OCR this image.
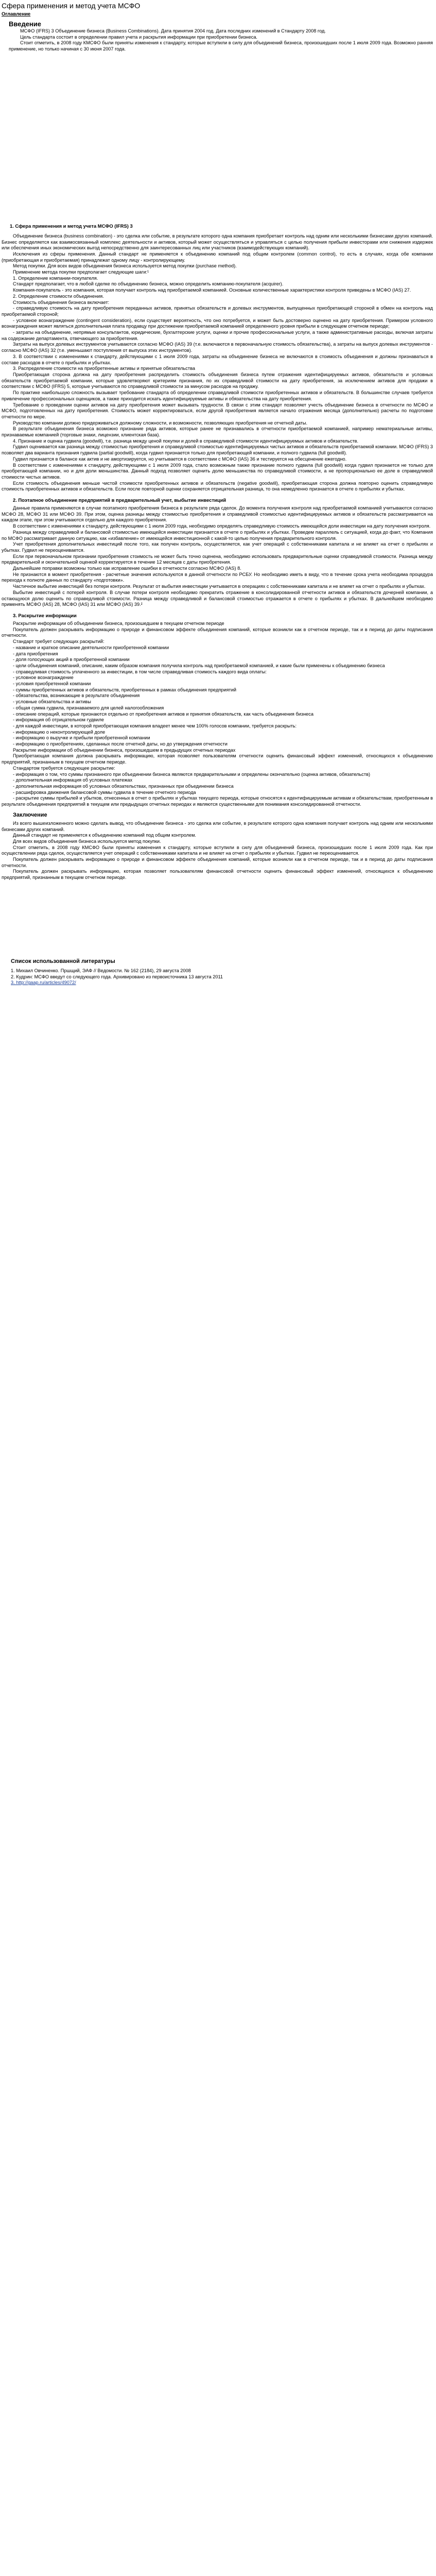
Сфера применения и метод учета МСФО
Оглавление
Введение

МСФО (IFRS) 3 Объединение бизнеса (Business Combinations). Дата принятия 2004 год. Дата последних изменений в Стандарту 2008 год.

Цель стандарта состоит в определении правил учета и раскрытия информации при приобретении бизнеса.

Стоит отметить, в 2008 году КМСФО были приняты изменения к стандарту, которые вступили в силу для объединений бизнеса, произошедших после 1 июля 2009 года. Возможно ранняя применение, но только начиная с 30 июня 2007 года.

1. Сфера применения и метод учета МСФО (IFRS) 3

Объединение бизнеса (business combination) - это сделка или событие, в результате которого одна компания приобретает контроль над одним или несколькими бизнесами других компаний. Бизнес определяется как взаимосвязанный комплекс деятельности и активов, который может осуществляться и управляться с целью получения прибыли инвесторами или снижения издержек или обеспечения иных экономических выгод непосредственно для заинтересованных лиц или участников (взаимодействующих компаний).

Исключения из сферы применения. Данный стандарт не применяется к объединению компаний под общим контролем (common control), то есть в случаях, когда обе компании (приобретающая и приобретаемая) принадлежат одному лицу - контролирующему.

Метод покупки. Для всех видов объединения бизнеса используется метод покупки (purchase method).

Применение метода покупки предполагает следующие шаги:¹

1. Определение компании-покупателя.

Стандарт предполагает, что в любой сделке по объединению бизнеса, можно определить компанию-покупателя (acquirer).

Компания-покупатель - это компания, которая получает контроль над приобретаемой компанией. Основные количественные характеристики контроля приведены в МСФО (IAS) 27.

2. Определение стоимости объединения.

Стоимость объединения бизнеса включает:

- справедливую стоимость на дату приобретения переданных активов, принятых обязательств и долевых инструментов, выпущенных приобретающей стороной в обмен на контроль над приобретаемой стороной;

- условное вознаграждение (contingent consideration), если существует вероятность, что оно потребуется, и может быть достоверно оценено на дату приобретения. Примером условного вознаграждения может являться дополнительная плата продавцу при достижении приобретаемой компанией определенного уровня прибыли в следующем отчетном периоде;

- затраты на объединение, непрямые консультантов, юридические, бухгалтерские услуги, оценки и прочие профессиональные услуги, а также административные расходы, включая затраты на содержание департамента, отвечающего за приобретения.

Затраты на выпуск долевых инструментов учитываются согласно МСФО (IAS) 39 (т.е. включаются в первоначальную стоимость обязательства), а затраты на выпуск долевых инструментов - согласно МСФО (IAS) 32 (т.е. уменьшают поступления от выпуска этих инструментов).

3. В соответствии с изменениями к стандарту, действующими с 1 июля 2009 года, затраты на объединение бизнеса не включаются в стоимость объединения и должны признаваться в составе расходов в отчете о прибылях и убытках.

3. Распределение стоимости на приобретенные активы и принятые обязательства

Приобретающая сторона должна на дату приобретения распределить стоимость объединения бизнеса путем отражения идентифицируемых активов, обязательств и условных обязательств приобретаемой компании, которые удовлетворяют критериям признания, по их справедливой стоимости на дату приобретения, за исключением активов для продажи в соответствии с МСФО (IFRS) 5, которые учитываются по справедливой стоимости за минусом расходов на продажу.

По практике наибольшую сложность вызывает требование стандарта об определении справедливой стоимости приобретенных активов и обязательств. В большинстве случаев требуется привлечение профессиональных оценщиков, а также приходится искать идентифицируемые активы и обязательства на дату приобретения.

Требование о проведении оценки активов на дату приобретения может вызывать трудности. В связи с этим стандарт позволяет учесть объединение бизнеса в отчетности по МСФО и МСФО, подготовленных на дату приобретения. Стоимость может корректироваться, если другой приобретения является начало отражения месяца (дополнительно) расчеты по подготовке отчетности по мере.

Руководство компании должно придерживаться должному сложности, и возможности, позволяющих приобретения не отчетной даты.

В результате объединения бизнеса возможно признание ряда активов, которые ранее не признавались в отчетности приобретаемой компанией, например нематериальные активы, признаваемые компанией (торговые знаки, лицензии, клиентская база).

4. Признание и оценка гудвила (goodwill), т.е. разница между ценой покупки и долей в справедливой стоимости идентифицируемых активов и обязательств.

Гудвил оценивается как разница между стоимостью приобретения и справедливой стоимостью идентифицируемых чистых активов и обязательств приобретаемой компании. МСФО (IFRS) 3 позволяет два варианта признания гудвила (partial goodwill), когда гудвил признается только для приобретающей компании, и полного гудвила (full goodwill).

Гудвил признается в балансе как актив и не амортизируется, но учитывается в соответствии с МСФО (IAS) 36 и тестируется на обесценение ежегодно.

В соответствии с изменениями к стандарту, действующими с 1 июля 2009 года, стало возможным также признание полного гудвила (full goodwill) когда гудвил признается не только для приобретающей компании, но и для доли меньшинства. Данный подход позволяет оценить долю меньшинства по справедливой стоимости, а не пропорционально ее доле в справедливой стоимости чистых активов.

Если стоимость объединения меньше чистой стоимости приобретенных активов и обязательств (negative goodwill), приобретающая сторона должна повторно оценить справедливую стоимость приобретенных активов и обязательств. Если после повторной оценки сохраняется отрицательная разница, то она немедленно признается в отчете о прибылях и убытках.

2. Поэтапное объединение предприятий в предварительный учет, выбытие инвестиций

Данные правила применяются в случае поэтапного приобретения бизнеса в результате ряда сделок. До момента получения контроля над приобретаемой компанией учитываются согласно МСФО 28, МСФО 31 или МСФО 39. При этом, оценка разницы между стоимостью приобретения и справедливой стоимостью идентифицируемых активов и обязательств рассматривается на каждом этапе, при этом учитываются отдельно для каждого приобретения.

В соответствии с изменениями к стандарту, действующими с 1 июля 2009 года, необходимо определять справедливую стоимость имеющейся доли инвестиции на дату получения контроля.

Разница между справедливой и балансовой стоимостью имеющейся инвестиции признается в отчете о прибылях и убытках. Проведем параллель с ситуацией, когда до факт, что Компания по МСФО рассматривает данную ситуацию, как «избавление» от имеющейся инвестиционной с какой-то целью получения предварительного контроля.

Учет приобретения дополнительных инвестиций после того, как получен контроль, осуществляется, как учет операций с собственниками капитала и не влияет на отчет о прибылях и убытках. Гудвил не переоценивается.

Если при первоначальном признании приобретения стоимость не может быть точно оценена, необходимо использовать предварительные оценки справедливой стоимости. Разница между предварительной и окончательной оценкой корректируется в течение 12 месяцев с даты приобретения.

Дальнейшие поправки возможны только как исправление ошибки в отчетности согласно МСФО (IAS) 8.

Не признаются в момент приобретения - расчетные значения используются в данной отчетности по РСБУ. Но необходимо иметь в виду, что в течение срока учета необходима процедура перехода к полноте данных по стандарту «подготовки».

Частичное выбытие инвестиций без потери контроля. Результат от выбытия инвестиции учитывается в операциях с собственниками капитала и не влияет на отчет о прибылях и убытках.

Выбытие инвестиций с потерей контроля. В случае потери контроля необходимо прекратить отражение в консолидированной отчетности активов и обязательств дочерней компании, а остающуюся долю оценить по справедливой стоимости. Разница между справедливой и балансовой стоимостью отражается в отчете о прибылях и убытках. В дальнейшем необходимо применять МСФО (IAS) 28, МСФО (IAS) 31 или МСФО (IAS) 39.²

3. Раскрытие информации

Раскрытие информации об объединении бизнеса, произошедшем в текущем отчетном периоде

Покупатель должен раскрывать информацию о природе и финансовом эффекте объединения компаний, которые возникли как в отчетном периоде, так и в период до даты подписания отчетности.

Стандарт требует следующих раскрытий:

- название и краткое описание деятельности приобретенной компании

- дата приобретения

- доля голосующих акций в приобретенной компании

- цели объединения компаний, описание, каким образом компания получила контроль над приобретаемой компанией, и какие были применены к объединению бизнеса

- справедливая стоимость уплаченного за инвестиции, в том числе справедливая стоимость каждого вида оплаты:

- условное вознаграждение

- условия приобретенной компании

- суммы приобретенных активов и обязательств, приобретенных в рамках объединения предприятий

- обязательства, возникающие в результате объединения

- условные обязательства и активы

- общая сумма гудвила, признаваемого для целей налогообложения

- описание операций, которые признаются отдельно от приобретения активов и принятия обязательств, как часть объединения бизнеса

- информация об отрицательном гудвиле

- для каждой инвестиции, в которой приобретающая компания владеет менее чем 100% голосов компании, требуется раскрыть:

- информацию о неконтролирующей доле

- информацию о выручке и прибыли приобретенной компании

- информацию о приобретениях, сделанных после отчетной даты, но до утверждения отчетности

Раскрытие информации об объединении бизнеса, произошедшем в предыдущих отчетных периодах

Приобретающая компания должна раскрывать информацию, которая позволяет пользователям отчетности оценить финансовый эффект изменений, относящихся к объединению предприятий, признанным в текущем отчетном периоде.

Стандартом требуется следующее раскрытие:

- информация о том, что суммы признанного при объединении бизнеса являются предварительными и определены окончательно (оценка активов, обязательств)

- дополнительная информация об условных платежах

- дополнительная информация об условных обязательствах, признанных при объединении бизнеса

- расшифровка движения балансовой суммы гудвила в течение отчетного периода

- раскрытие суммы прибылей и убытков, отнесенных в отчет о прибылях и убытках текущего периода, которые относятся к идентифицируемым активам и обязательствам, приобретенным в результате объединения предприятий в текущем или предыдущих отчетных периодах и являются существенными для понимания консолидированной отчетности.

Заключение

Из всего вышеизложенного можно сделать вывод, что объединение бизнеса - это сделка или событие, в результате которого одна компания получает контроль над одним или несколькими бизнесами других компаний.

Данный стандарт не применяется к объединению компаний под общим контролем.

Для всех видов объединения бизнеса используется метод покупки.

Стоит отметить, в 2008 году КМСФО были приняты изменения к стандарту, которые вступили в силу для объединений бизнеса, произошедших после 1 июля 2009 года. Как при осуществлении ряда сделок, осуществляется учет операций с собственниками капитала и не влияет на отчет о прибылях и убытках. Гудвил не переоценивается.

Покупатель должен раскрывать информацию о природе и финансовом эффекте объединения компаний, которые возникли как в отчетном периоде, так и в период до даты подписания отчетности.

Покупатель должен раскрывать информацию, которая позволяет пользователям финансовой отчетности оценить финансовый эффект изменений, относящихся к объединению предприятий, признанным в текущем отчетном периоде.

Список использованной литературы
1. Михаил Овчиненко. Пршщий, ЭАФ // Ведомости. № 162 (2184), 29 августа 2008
2. Кудрин: МСФО введут со следующего года. Архивировано из первоисточника 13 августа 2011
3. http://gaap.ru/articles/49072/
